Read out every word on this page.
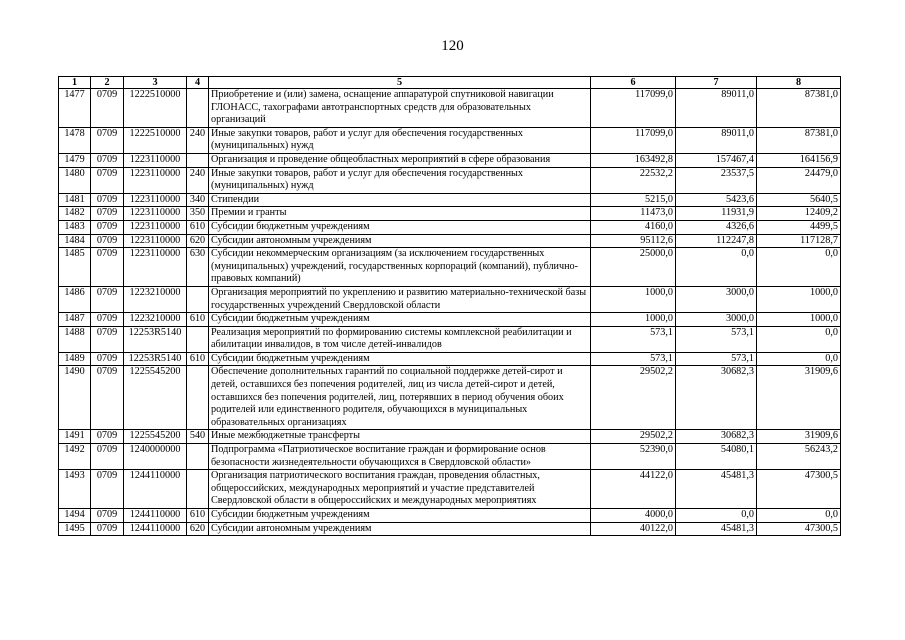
120
1	2	3	4	5	6	7	8
1477	0709	1222510000		Приобретение и (или) замена, оснащение аппаратурой спутниковой навигации ГЛОНАСС, тахографами автотранспортных средств для образовательных организаций	117099,0	89011,0	87381,0
1478	0709	1222510000	240	Иные закупки товаров, работ и услуг для обеспечения государственных (муниципальных) нужд	117099,0	89011,0	87381,0
1479	0709	1223110000		Организация и проведение общеобластных мероприятий в сфере образования	163492,8	157467,4	164156,9
1480	0709	1223110000	240	Иные закупки товаров, работ и услуг для обеспечения государственных (муниципальных) нужд	22532,2	23537,5	24479,0
1481	0709	1223110000	340	Стипендии	5215,0	5423,6	5640,5
1482	0709	1223110000	350	Премии и гранты	11473,0	11931,9	12409,2
1483	0709	1223110000	610	Субсидии бюджетным учреждениям	4160,0	4326,6	4499,5
1484	0709	1223110000	620	Субсидии автономным учреждениям	95112,6	112247,8	117128,7
1485	0709	1223110000	630	Субсидии некоммерческим организациям (за исключением государственных (муниципальных) учреждений, государственных корпораций (компаний), публично-правовых компаний)	25000,0	0,0	0,0
1486	0709	1223210000		Организация мероприятий по укреплению и развитию материально-технической базы государственных учреждений Свердловской области	1000,0	3000,0	1000,0
1487	0709	1223210000	610	Субсидии бюджетным учреждениям	1000,0	3000,0	1000,0
1488	0709	12253R5140		Реализация мероприятий по формированию системы комплексной реабилитации и абилитации инвалидов, в том числе детей-инвалидов	573,1	573,1	0,0
1489	0709	12253R5140	610	Субсидии бюджетным учреждениям	573,1	573,1	0,0
1490	0709	1225545200		Обеспечение дополнительных гарантий по социальной поддержке детей-сирот и детей, оставшихся без попечения родителей, лиц из числа детей-сирот и детей, оставшихся без попечения родителей, лиц, потерявших в период обучения обоих родителей или единственного родителя, обучающихся в муниципальных образовательных организациях	29502,2	30682,3	31909,6
1491	0709	1225545200	540	Иные межбюджетные трансферты	29502,2	30682,3	31909,6
1492	0709	1240000000		Подпрограмма «Патриотическое воспитание граждан и формирование основ безопасности жизнедеятельности обучающихся в Свердловской области»	52390,0	54080,1	56243,2
1493	0709	1244110000		Организация патриотического воспитания граждан, проведения областных, общероссийских, международных мероприятий и участие представителей Свердловской области в общероссийских и международных мероприятиях	44122,0	45481,3	47300,5
1494	0709	1244110000	610	Субсидии бюджетным учреждениям	4000,0	0,0	0,0
1495	0709	1244110000	620	Субсидии автономным учреждениям	40122,0	45481,3	47300,5
